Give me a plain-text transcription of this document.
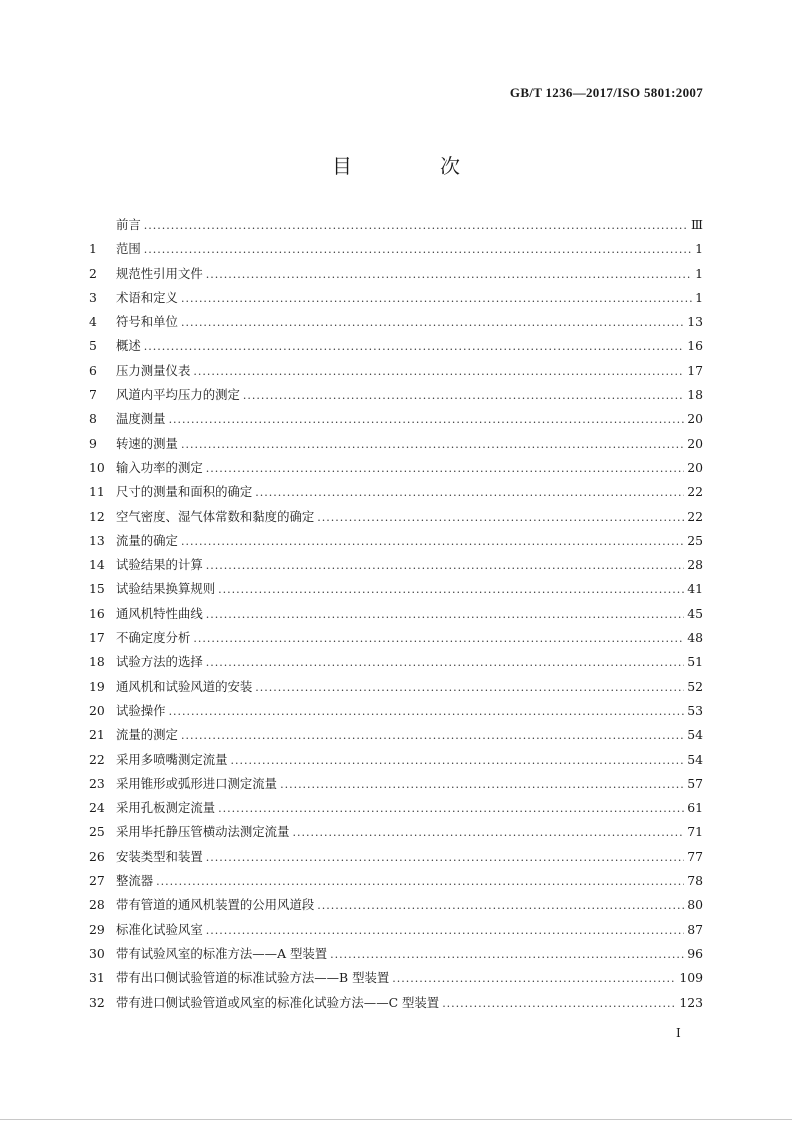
GB/T 1236—2017/ISO 5801:2007
目　次
前言 .....	Ⅲ
1	范围 .....	1
2	规范性引用文件 .....	1
3	术语和定义 .....	1
4	符号和单位 .....	13
5	概述 .....	16
6	压力测量仪表 .....	17
7	风道内平均压力的测定 .....	18
8	温度测量 .....	20
9	转速的测量 .....	20
10 输入功率的测定 .....	20
11 尺寸的测量和面积的确定 .....	22
12 空气密度、湿气体常数和黏度的确定 .....	22
13 流量的确定 .....	25
14 试验结果的计算 .....	28
15 试验结果换算规则 .....	41
16 通风机特性曲线 .....	45
17 不确定度分析 .....	48
18 试验方法的选择 .....	51
19 通风机和试验风道的安装 .....	52
20 试验操作 .....	53
21 流量的测定 .....	54
22 采用多喷嘴测定流量 .....	54
23 采用锥形或弧形进口测定流量 .....	57
24 采用孔板测定流量 .....	61
25 采用毕托静压管横动法测定流量 .....	71
26 安装类型和装置 .....	77
27 整流器 .....	78
28 带有管道的通风机装置的公用风道段 .....	80
29 标准化试验风室 .....	87
30 带有试验风室的标准方法——A 型装置 .....	96
31 带有出口侧试验管道的标准试验方法——B 型装置 .....	109
32 带有进口侧试验管道或风室的标准化试验方法——C 型装置 .....	123
I
